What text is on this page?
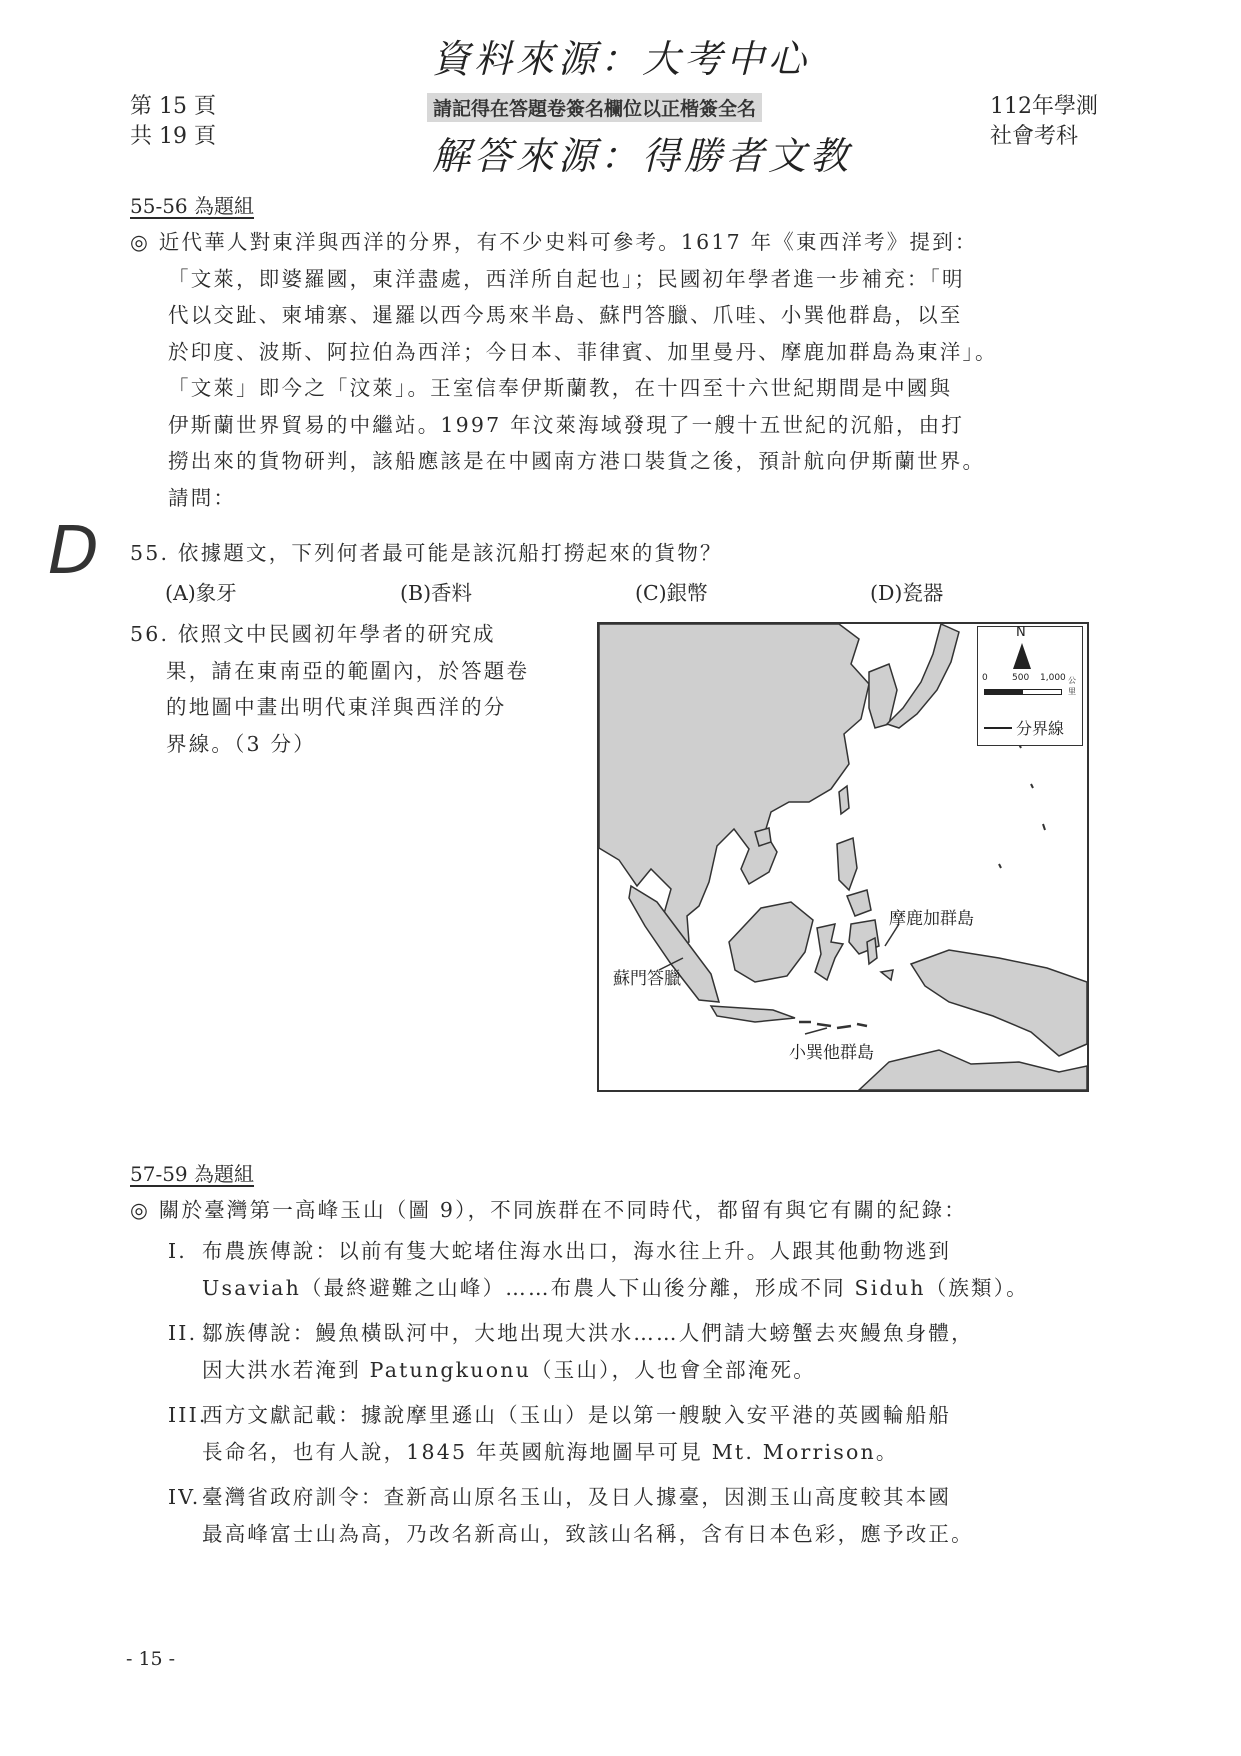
第 15 頁
共 19 頁
資料來源：大考中心
請記得在答題卷簽名欄位以正楷簽全名
解答來源：得勝者文教
112年學測
社會考科
55-56 為題組

◎ 近代華人對東洋與西洋的分界，有不少史料可參考。1617 年《東西洋考》提到：

「文萊，即婆羅國，東洋盡處，西洋所自起也」；民國初年學者進一步補充：「明

代以交趾、柬埔寨、暹羅以西今馬來半島、蘇門答臘、爪哇、小巽他群島，以至

於印度、波斯、阿拉伯為西洋；今日本、菲律賓、加里曼丹、摩鹿加群島為東洋」。

「文萊」即今之「汶萊」。王室信奉伊斯蘭教，在十四至十六世紀期間是中國與

伊斯蘭世界貿易的中繼站。1997 年汶萊海域發現了一艘十五世紀的沉船，由打

撈出來的貨物研判，該船應該是在中國南方港口裝貨之後，預計航向伊斯蘭世界。

請問：

D 55. 依據題文，下列何者最可能是該沉船打撈起來的貨物？
(A)象牙	(B)香料	(C)銀幣	(D)瓷器

56. 依照文中民國初年學者的研究成

果，請在東南亞的範圍內，於答題卷

的地圖中畫出明代東洋與西洋的分

界線。（3 分）

N
0	500 1,000 公里
分界線
摩鹿加群島
蘇門答臘
小巽他群島
57-59 為題組
◎ 關於臺灣第一高峰玉山（圖 9），不同族群在不同時代，都留有與它有關的紀錄：

I. 布農族傳說：以前有隻大蛇堵住海水出口，海水往上升。人跟其他動物逃到

Usaviah（最終避難之山峰）……布農人下山後分離，形成不同 Siduh（族類）。

II. 鄒族傳說：鰻魚橫臥河中，大地出現大洪水……人們請大螃蟹去夾鰻魚身體，

因大洪水若淹到 Patungkuonu（玉山），人也會全部淹死。

III.西方文獻記載：據說摩里遜山（玉山）是以第一艘駛入安平港的英國輪船船

長命名，也有人說，1845 年英國航海地圖早可見 Mt. Morrison。

IV.臺灣省政府訓令：查新高山原名玉山，及日人據臺，因測玉山高度較其本國

最高峰富士山為高，乃改名新高山，致該山名稱，含有日本色彩，應予改正。

- 15 -
